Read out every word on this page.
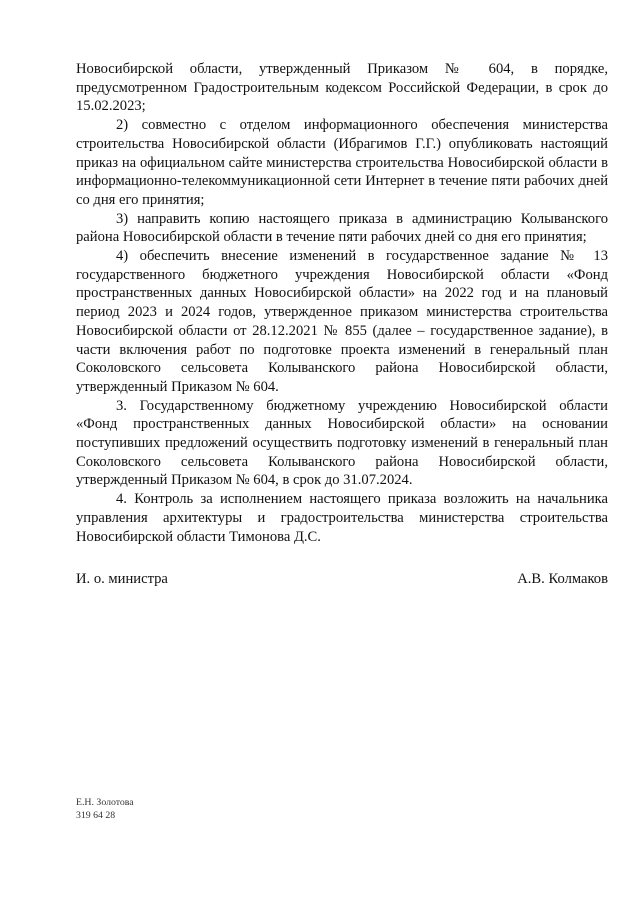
Новосибирской области, утвержденный Приказом № 604, в порядке, предусмотренном Градостроительным кодексом Российской Федерации, в срок до 15.02.2023;

2) совместно с отделом информационного обеспечения министерства строительства Новосибирской области (Ибрагимов Г.Г.) опубликовать настоящий приказ на официальном сайте министерства строительства Новосибирской области в информационно-телекоммуникационной сети Интернет в течение пяти рабочих дней со дня его принятия;

3) направить копию настоящего приказа в администрацию Колыванского района Новосибирской области в течение пяти рабочих дней со дня его принятия;

4) обеспечить внесение изменений в государственное задание № 13 государственного бюджетного учреждения Новосибирской области «Фонд пространственных данных Новосибирской области» на 2022 год и на плановый период 2023 и 2024 годов, утвержденное приказом министерства строительства Новосибирской области от 28.12.2021 № 855 (далее – государственное задание), в части включения работ по подготовке проекта изменений в генеральный план Соколовского сельсовета Колыванского района Новосибирской области, утвержденный Приказом № 604.

3. Государственному бюджетному учреждению Новосибирской области «Фонд пространственных данных Новосибирской области» на основании поступивших предложений осуществить подготовку изменений в генеральный план Соколовского сельсовета Колыванского района Новосибирской области, утвержденный Приказом № 604, в срок до 31.07.2024.

4. Контроль за исполнением настоящего приказа возложить на начальника управления архитектуры и градостроительства министерства строительства Новосибирской области Тимонова Д.С.

И. о. министра	А.В. Колмаков
Е.Н. Золотова
319 64 28
